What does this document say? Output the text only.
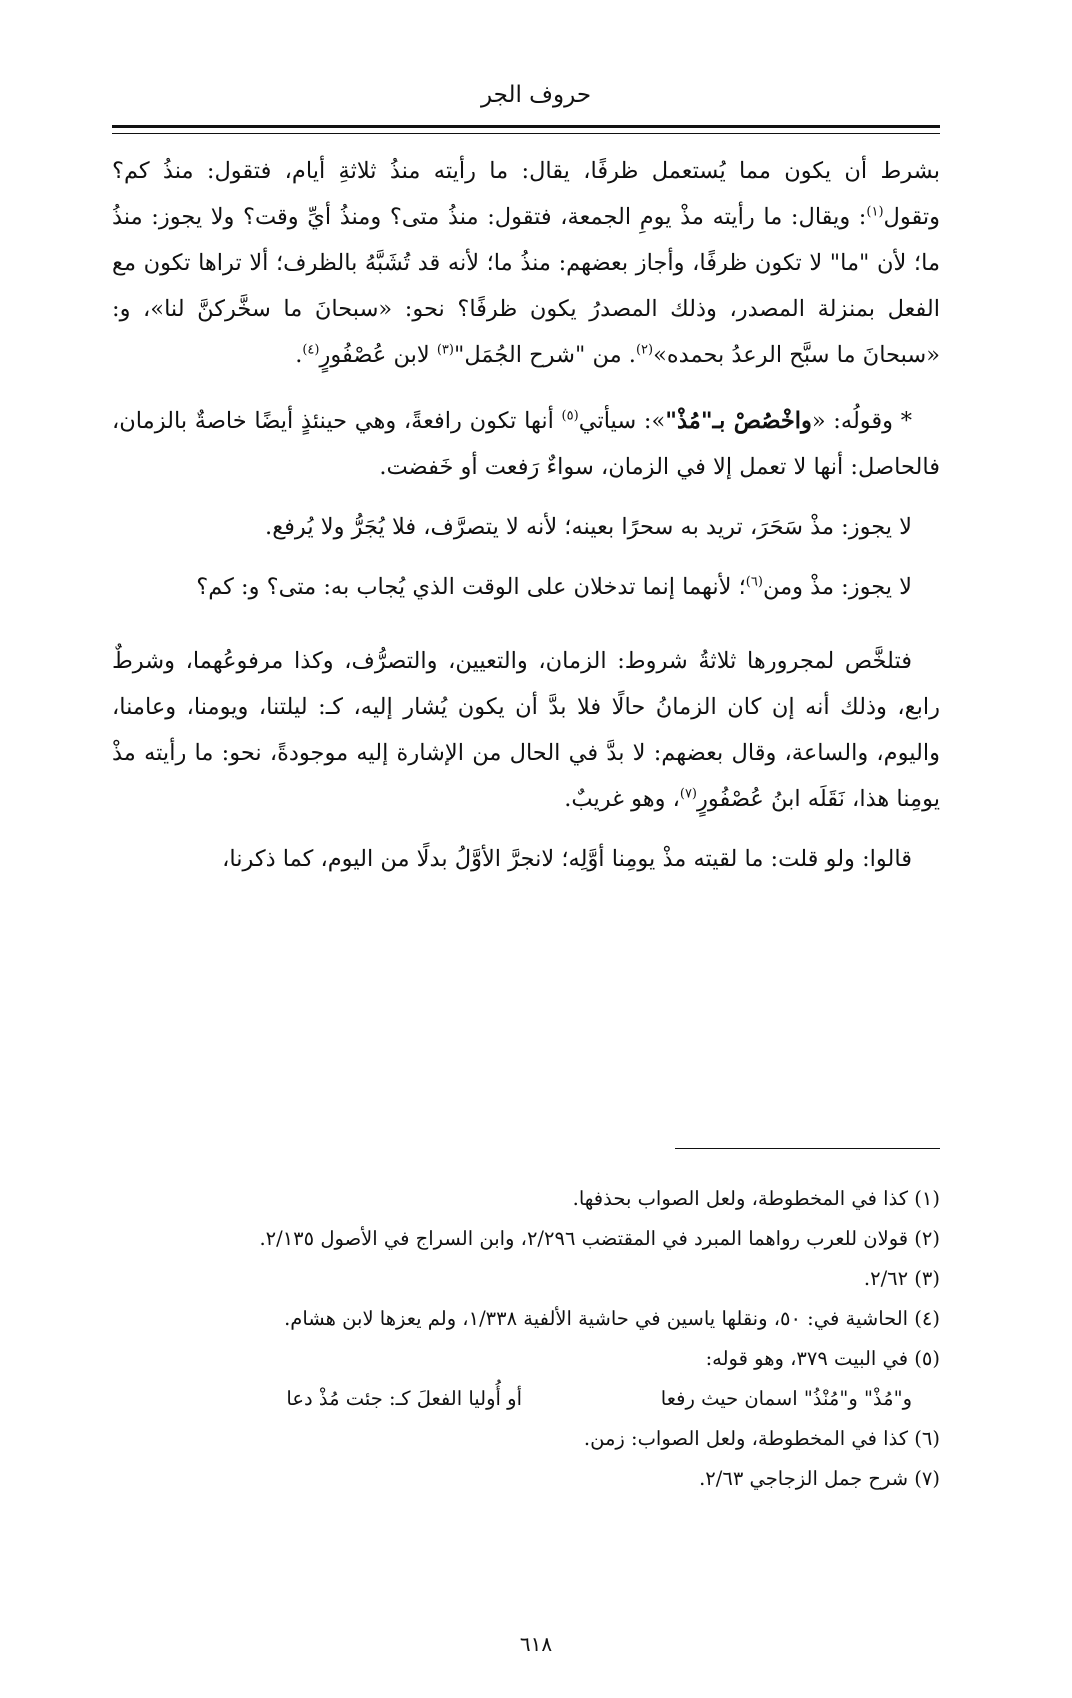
حروف الجر

بشرط أن يكون مما يُستعمل ظرفًا، يقال: ما رأيته منذُ ثلاثةِ أيام، فتقول: منذُ كم؟ وتقول$^{(١)}$: ويقال: ما رأيته مذْ يومِ الجمعة، فتقول: منذُ متى؟ ومنذُ أيِّ وقت؟ ولا يجوز: منذُ ما؛ لأن "ما" لا تكون ظرفًا، وأجاز بعضهم: منذُ ما؛ لأنه قد تُشَبَّهُ بالظرف؛ ألا تراها تكون مع الفعل بمنزلة المصدر، وذلك المصدرُ يكون ظرفًا؟ نحو: «سبحانَ ما سخَّركنَّ لنا»، و: «سبحانَ ما سبَّح الرعدُ بحمده»$^{(٢)}$. من "شرح الجُمَل"$^{(٣)}$ لابن عُصْفُورٍ$^{(٤)}$.

* وقولُه: «واخْصُصْ بـ"مُذْ"»: سيأتي$^{(٥)}$ أنها تكون رافعةً، وهي حينئذٍ أيضًا خاصةٌ بالزمان، فالحاصل: أنها لا تعمل إلا في الزمان، سواءٌ رَفعت أو خَفضت.

لا يجوز: مذْ سَحَرَ، تريد به سحرًا بعينه؛ لأنه لا يتصرَّف، فلا يُجَرُّ ولا يُرفع.

لا يجوز: مذْ ومن$^{(٦)}$؛ لأنهما إنما تدخلان على الوقت الذي يُجاب به: متى؟ و: كم؟

فتلخَّص لمجرورها ثلاثةُ شروط: الزمان، والتعيين، والتصرُّف، وكذا مرفوعُهما، وشرطٌ رابع، وذلك أنه إن كان الزمانُ حالًا فلا بدَّ أن يكون يُشار إليه، كـ: ليلتنا، ويومنا، وعامنا، واليوم، والساعة، وقال بعضهم: لا بدَّ في الحال من الإشارة إليه موجودةً، نحو: ما رأيته مذْ يومِنا هذا، نَقَلَه ابنُ عُصْفُورٍ$^{(٧)}$، وهو غريبٌ.

قالوا: ولو قلت: ما لقيته مذْ يومِنا أوَّلِه؛ لانجرَّ الأوَّلُ بدلًا من اليوم، كما ذكرنا،

(١) كذا في المخطوطة، ولعل الصواب بحذفها.
(٢) قولان للعرب رواهما المبرد في المقتضب ٢/٢٩٦، وابن السراج في الأصول ٢/١٣٥.
(٣) ٢/٦٢.
(٤) الحاشية في: ٥٠، ونقلها ياسين في حاشية الألفية ١/٣٣٨، ولم يعزها لابن هشام.
(٥) في البيت ٣٧٩، وهو قوله:
و"مُذْ" و"مُنْذُ" اسمان حيث رفعا
أو أُوليا الفعلَ كـ: جئت مُذْ دعا
(٦) كذا في المخطوطة، ولعل الصواب: زمن.
(٧) شرح جمل الزجاجي ٢/٦٣.
٦١٨
